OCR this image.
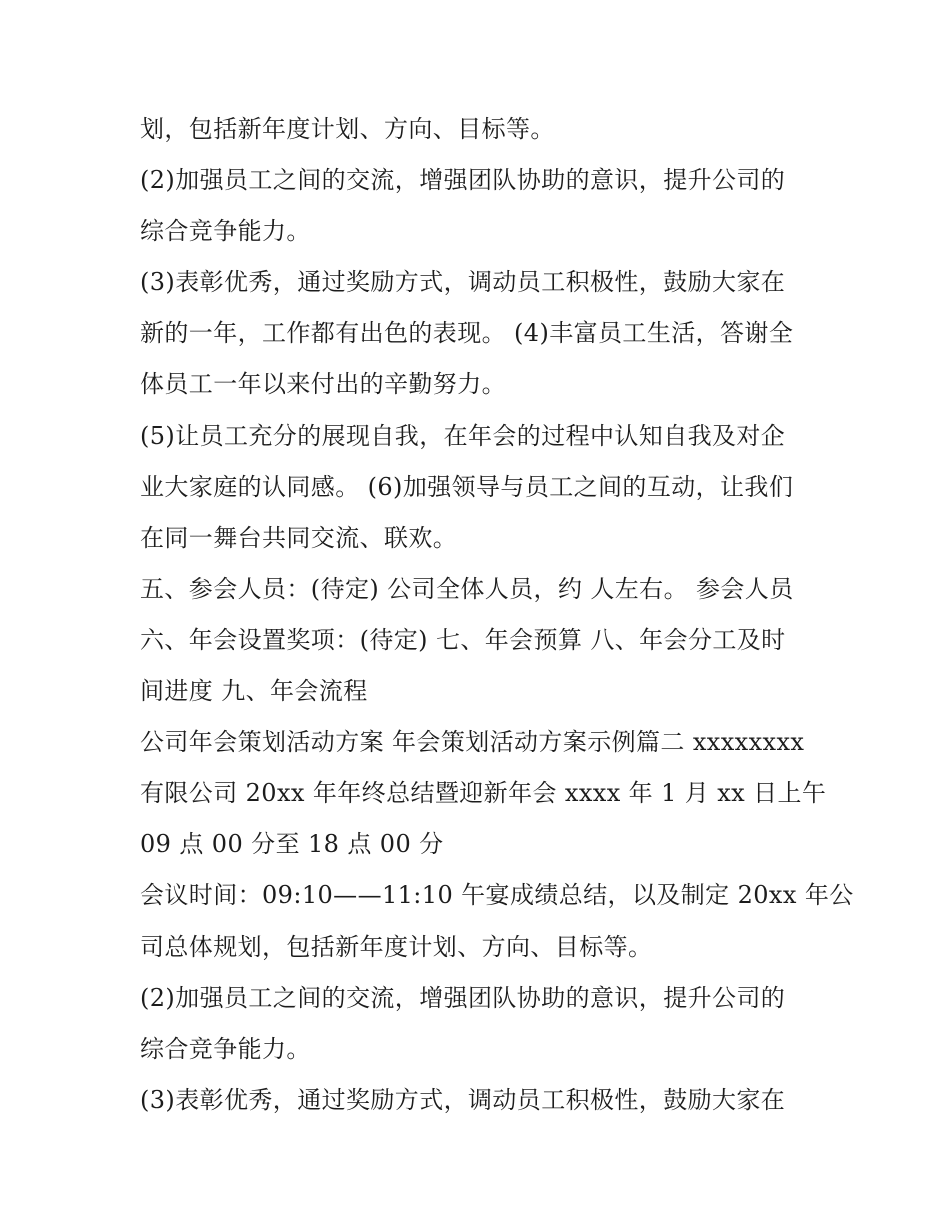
划，包括新年度计划、方向、目标等。
(2)加强员工之间的交流，增强团队协助的意识，提升公司的
综合竞争能力。
(3)表彰优秀，通过奖励方式，调动员工积极性，鼓励大家在
新的一年，工作都有出色的表现。 (4)丰富员工生活，答谢全
体员工一年以来付出的辛勤努力。
(5)让员工充分的展现自我，在年会的过程中认知自我及对企
业大家庭的认同感。 (6)加强领导与员工之间的互动，让我们
在同一舞台共同交流、联欢。
五、参会人员：(待定) 公司全体人员，约 人左右。 参会人员
六、年会设置奖项：(待定) 七、年会预算 八、年会分工及时
间进度 九、年会流程
公司年会策划活动方案 年会策划活动方案示例篇二 xxxxxxxx
有限公司 20xx 年年终总结暨迎新年会 xxxx 年 1 月 xx 日上午
09 点 00 分至 18 点 00 分
会议时间：09:10——11:10 午宴成绩总结，以及制定 20xx 年公
司总体规划，包括新年度计划、方向、目标等。
(2)加强员工之间的交流，增强团队协助的意识，提升公司的
综合竞争能力。
(3)表彰优秀，通过奖励方式，调动员工积极性，鼓励大家在
